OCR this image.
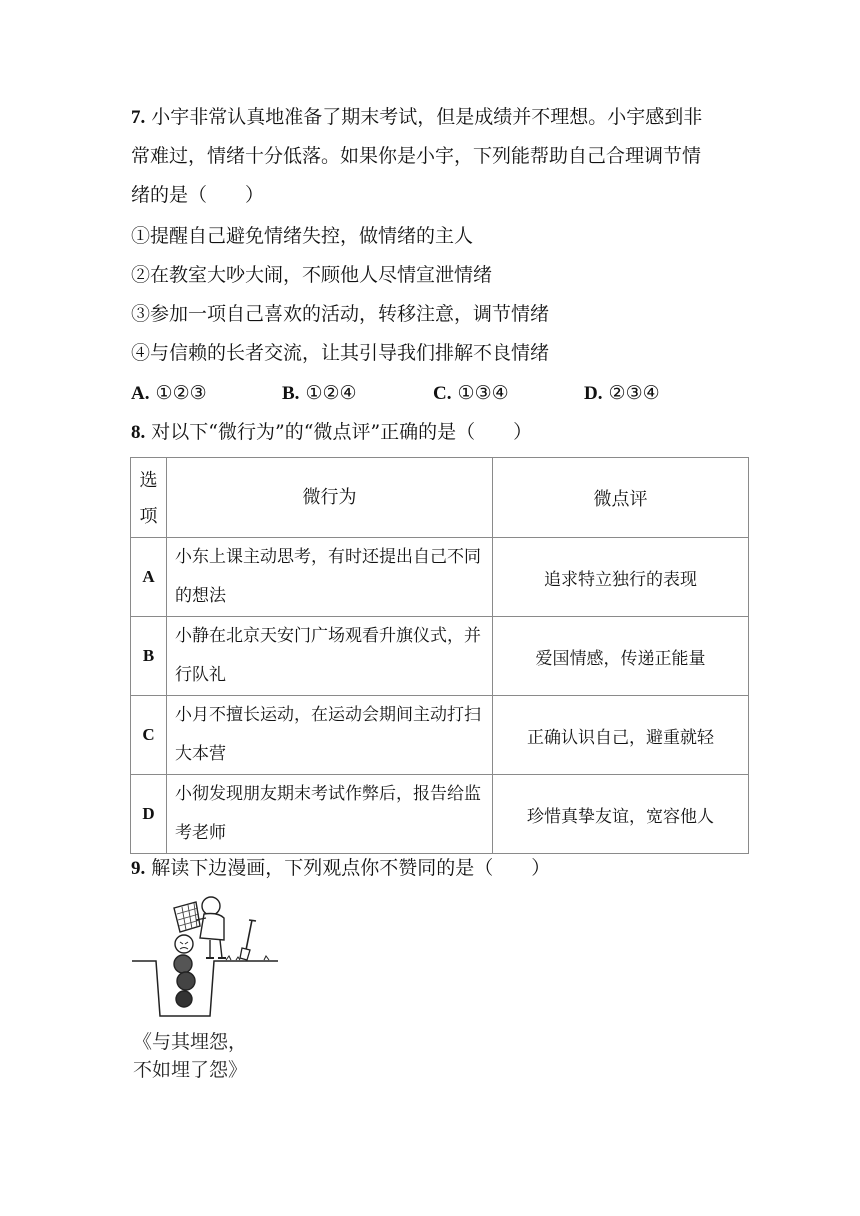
7. 小宇非常认真地准备了期末考试，但是成绩并不理想。小宇感到非
常难过，情绪十分低落。如果你是小宇，下列能帮助自己合理调节情
绪的是（　　）
①提醒自己避免情绪失控，做情绪的主人
②在教室大吵大闹，不顾他人尽情宣泄情绪
③参加一项自己喜欢的活动，转移注意，调节情绪
④与信赖的长者交流，让其引导我们排解不良情绪
A. ①②③	B. ①②④	C. ①③④	D. ②③④
8. 对以下“微行为”的“微点评”正确的是（　　）
选项	微行为	微点评
A	小东上课主动思考，有时还提出自己不同的想法	追求特立独行的表现
B	小静在北京天安门广场观看升旗仪式，并行队礼	爱国情感，传递正能量
C	小月不擅长运动，在运动会期间主动打扫大本营	正确认识自己，避重就轻
D	小彻发现朋友期末考试作弊后，报告给监考老师	珍惜真挚友谊，宽容他人
9. 解读下边漫画，下列观点你不赞同的是（　　）
《与其埋怨，
不如埋了怨》
